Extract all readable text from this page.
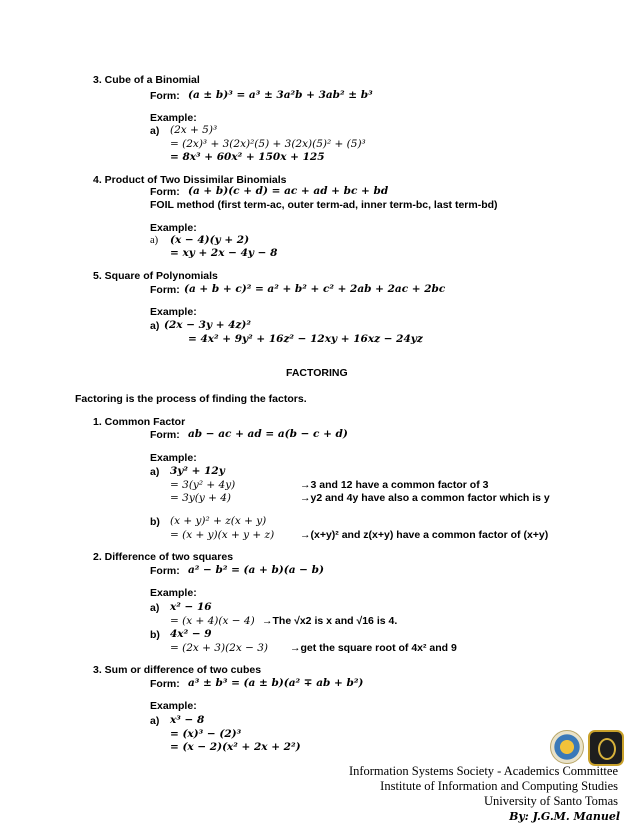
3. Cube of a Binomial
Form: (a ± b)³ = a³ ± 3a²b + 3ab² ± b³
Example:
a) (2x + 5)³
= (2x)³ + 3(2x)²(5) + 3(2x)(5)² + (5)³
= 8x³ + 60x² + 150x + 125
4. Product of Two Dissimilar Binomials
Form: (a + b)(c + d) = ac + ad + bc + bd
FOIL method (first term-ac, outer term-ad, inner term-bc, last term-bd)
Example:
a) (x − 4)(y + 2)
= xy + 2x − 4y − 8
5. Square of Polynomials
Form: (a + b + c)² = a² + b² + c² + 2ab + 2ac + 2bc
Example:
a) (2x − 3y + 4z)²
= 4x² + 9y² + 16z² − 12xy + 16xz − 24yz
FACTORING
Factoring is the process of finding the factors.
1. Common Factor
Form: ab − ac + ad = a(b − c + d)
Example:
a) 3y² + 12y
= 3(y² + 4y)	→3 and 12 have a common factor of 3
= 3y(y + 4)	→y2 and 4y have also a common factor which is y
b) (x + y)² + z(x + y)
= (x + y)(x + y + z) →(x+y)² and z(x+y) have a common factor of (x+y)
2. Difference of two squares
Form: a² − b² = (a + b)(a − b)
Example:
a) x² − 16
= (x + 4)(x − 4) →The √x2 is x and √16 is 4.
b) 4x² − 9
= (2x + 3)(2x − 3) →get the square root of 4x² and 9
3. Sum or difference of two cubes
Form: a³ ± b³ = (a ± b)(a² ∓ ab + b²)
Example:
a) x³ − 8
= (x)³ − (2)³
= (x − 2)(x² + 2x + 2²)
Information Systems Society - Academics Committee
Institute of Information and Computing Studies
University of Santo Tomas
By: J.G.M. Manuel
